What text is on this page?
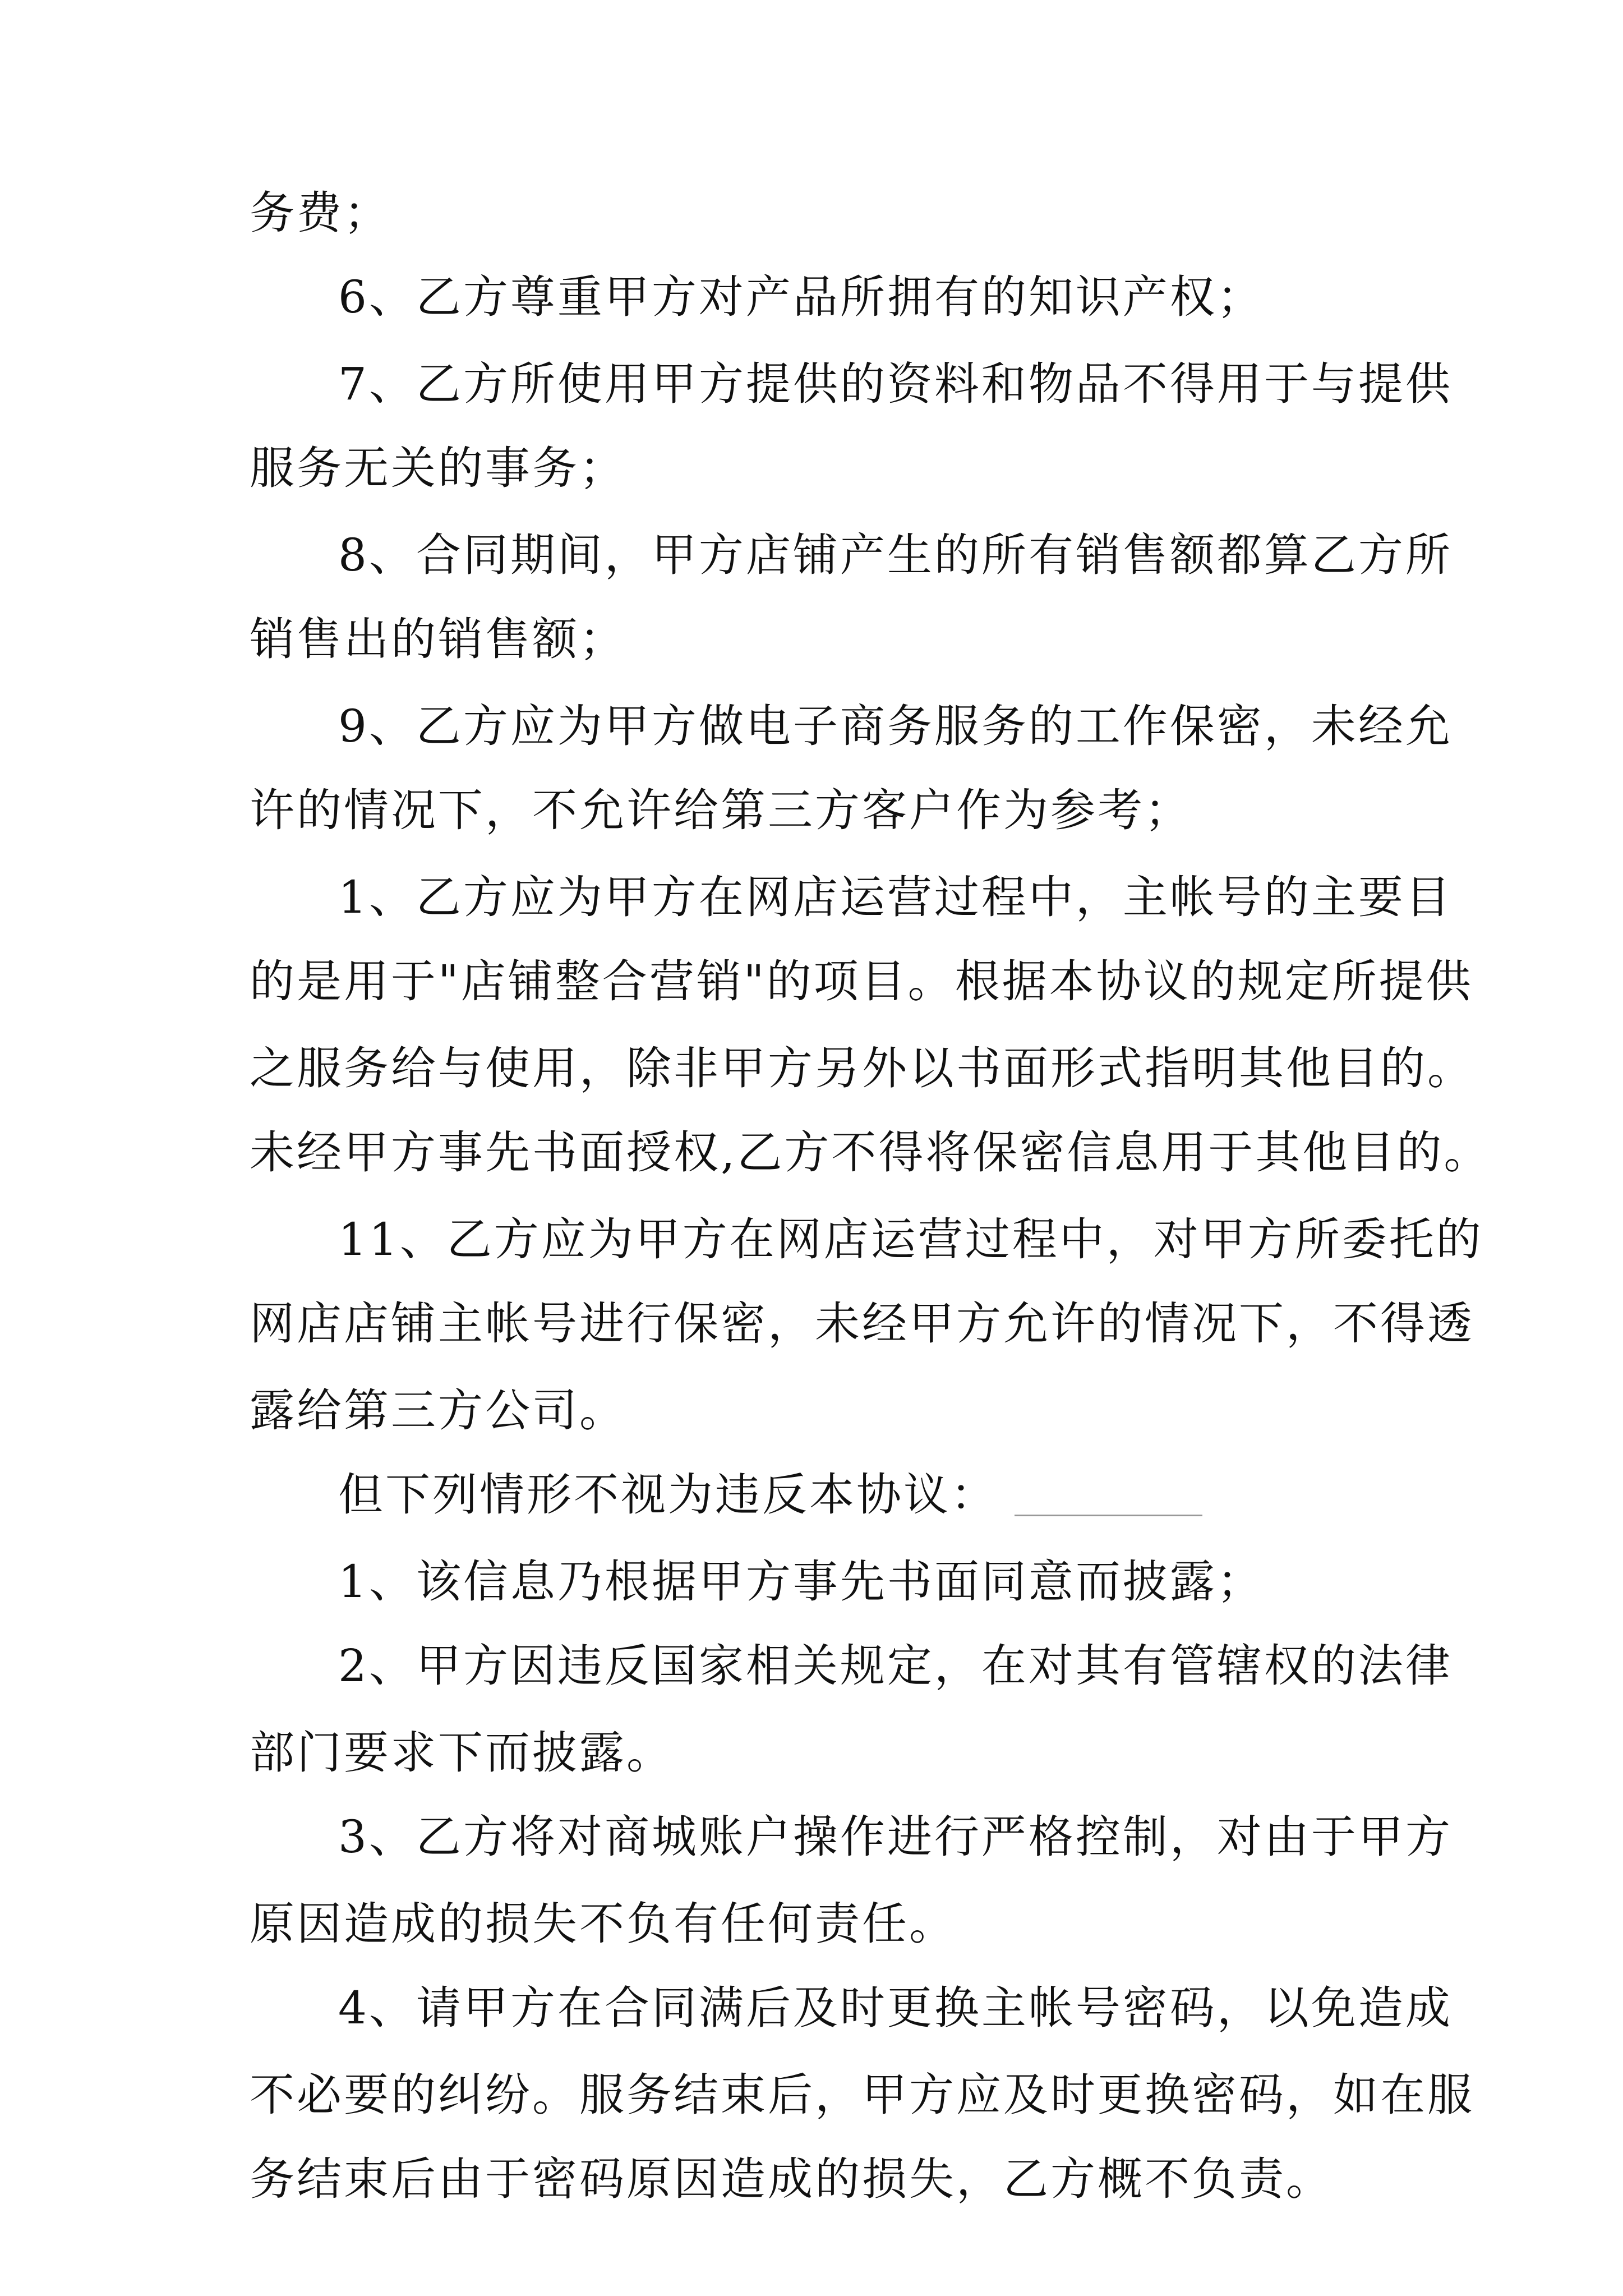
务费；
6、乙方尊重甲方对产品所拥有的知识产权；
7、乙方所使用甲方提供的资料和物品不得用于与提供
服务无关的事务；
8、合同期间，甲方店铺产生的所有销售额都算乙方所
销售出的销售额；
9、乙方应为甲方做电子商务服务的工作保密，未经允
许的情况下，不允许给第三方客户作为参考；
1、乙方应为甲方在网店运营过程中，主帐号的主要目
的是用于"店铺整合营销"的项目。根据本协议的规定所提供
之服务给与使用，除非甲方另外以书面形式指明其他目的。
未经甲方事先书面授权,乙方不得将保密信息用于其他目的。
11、乙方应为甲方在网店运营过程中，对甲方所委托的
网店店铺主帐号进行保密，未经甲方允许的情况下，不得透
露给第三方公司。
但下列情形不视为违反本协议：
1、该信息乃根据甲方事先书面同意而披露；
2、甲方因违反国家相关规定，在对其有管辖权的法律
部门要求下而披露。
3、乙方将对商城账户操作进行严格控制，对由于甲方
原因造成的损失不负有任何责任。
4、请甲方在合同满后及时更换主帐号密码，以免造成
不必要的纠纷。服务结束后，甲方应及时更换密码，如在服
务结束后由于密码原因造成的损失，乙方概不负责。
